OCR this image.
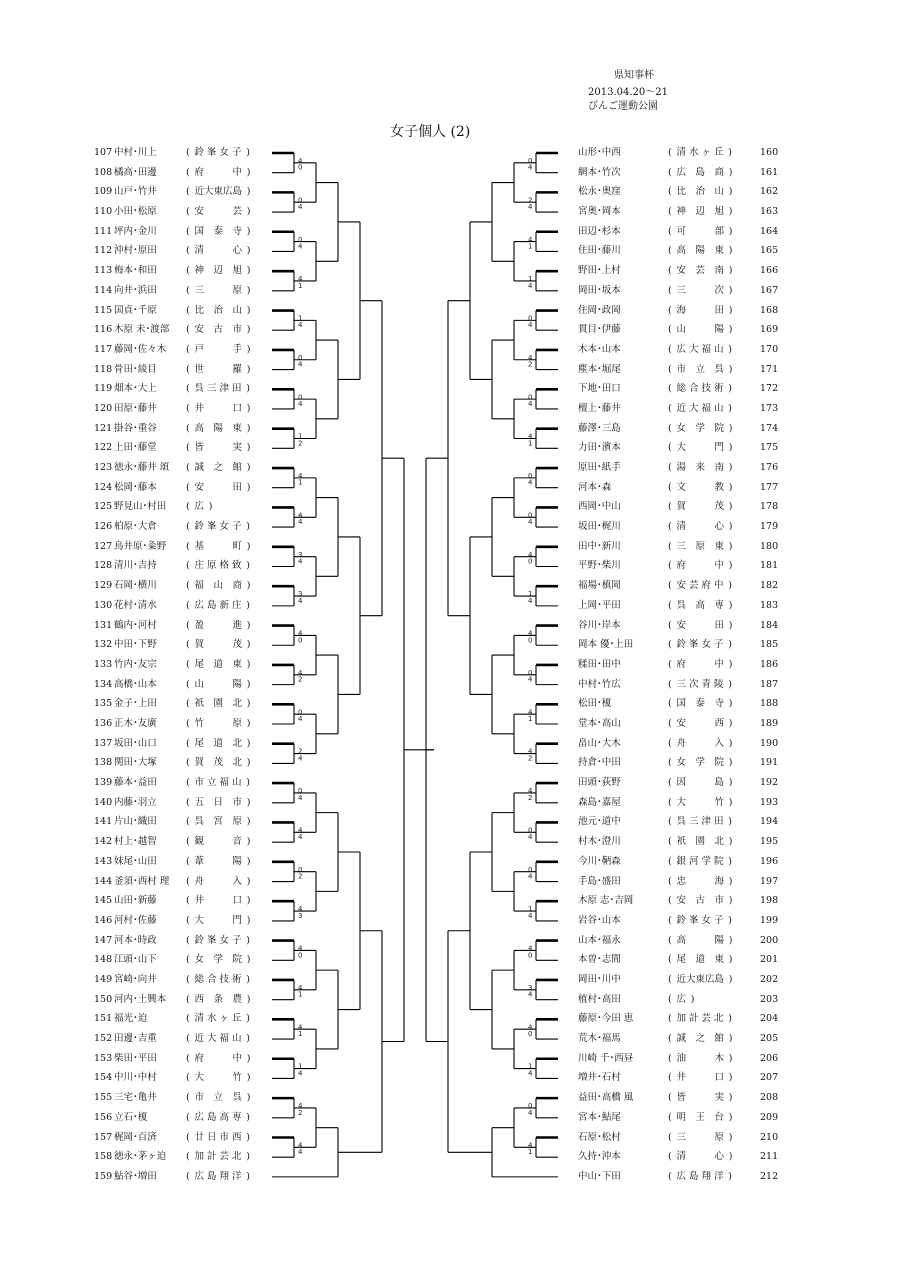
県知事杯
2013.04.20～21
びんご運動公園
女子個人 (2)
107 中村･川上	( 鈴 峯 女 子 )
108 橘高･田邊	( 府　　　中 )
109 山戸･竹井	( 近大東広島 )
110 小田･松原	( 安　　　芸 )
111 坪内･金川	( 国　泰　寺 )
112 沖村･原田	( 清　　　心 )
113 梅本･和田	( 神　辺　旭 )
114 向井･浜田	( 三　　　原 )
115 国貞･千原	( 比　治　山 )
116 木原 未･渡部 ( 安　古　市 )
117 藤岡･佐々木 ( 戸　　　手 )
118 骨田･綾目	( 世　　　羅 )
119 畑本･大上	( 呉 三 津 田 )
120 田原･藤井	( 井　　　口 )
121 掛谷･重谷	( 高　陽　東 )
122 上田･藤堂	( 皆　　　実 )
123 徳永･藤井 頌 ( 誠　之　館 )
124 松岡･藤本	( 安　　　田 )
125 野見山･村田 ( 広 )
126 柏原･大倉	( 鈴 峯 女 子 )
127 鳥井原･粂野 ( 基　　　町 )
128 清川･吉持	( 庄 原 格 致 )
129 石岡･横川	( 福　山　商 )
130 花村･清水	( 広 島 新 庄 )
131 鶴内･河村	( 盈　　　進 )
132 中田･下野	( 賀　　　茂 )
133 竹内･友宗	( 尾　道　東 )
134 高橋･山本	( 山　　　陽 )
135 金子･上田	( 祇　園　北 )
136 正木･友廣	( 竹　　　原 )
137 坂田･山口	( 尾　道　北 )
138 関田･大塚	( 賀　茂　北 )
139 藤本･益田	( 市 立 福 山 )
140 内藤･羽立	( 五　日　市 )
141 片山･織田	( 呉　宮　原 )
142 村上･越智	( 観　　　音 )
143 妹尾･山田	( 葦　　　陽 )
144 釜須･西村 理 ( 舟　　　入 )
145 山田･新藤	( 井　　　口 )
146 河村･佐藤	( 大　　　門 )
147 河本･時政	( 鈴 峯 女 子 )
148 江頭･山下	( 女　学　院 )
149 宮崎･向井	( 総 合 技 術 )
150 河内･土興本 ( 西　条　農 )
151 福光･迫	( 清 水 ヶ 丘 )
152 田邊･吉重	( 近 大 福 山 )
153 柴田･平田	( 府　　　中 )
154 中川･中村	( 大　　　竹 )
155 三宅･亀井	( 市　立　呉 )
156 立石･榎	( 広 島 高 専 )
157 梶岡･百済	( 廿 日 市 西 )
158 徳永･茅ヶ迫 ( 加 計 芸 北 )
159 鮎谷･増田	( 広 島 翔 洋 )
山形･中西	( 清 水 ヶ 丘 )	160
網本･竹次	( 広　島　商 )	161
松永･奥窪	( 比　治　山 )	162
宮奥･岡本	( 神　辺　旭 )	163
田辺･杉本	( 可　　　部 )	164
住田･藤川	( 高　陽　東 )	165
野田･上村	( 安　芸　南 )	166
岡田･坂本	( 三　　　次 )	167
住岡･政岡	( 海　　　田 )	168
貫目･伊藤	( 山　　　陽 )	169
木本･山本	( 広 大 福 山 )	170
塵本･堀尾	( 市　立　呉 )	171
下地･田口	( 総 合 技 術 )	172
檀上･藤井	( 近 大 福 山 )	173
藤澤･三島	( 女　学　院 )	174
力田･濱本	( 大　　　門 )	175
原田･紙手	( 湯　来　南 )	176
河本･森	( 文　　　教 )	177
西岡･中山	( 賀　　　茂 )	178
坂田･梶川	( 清　　　心 )	179
田中･新川	( 三　原　東 )	180
平野･柴川	( 府　　　中 )	181
福場･槙岡	( 安 芸 府 中 )	182
上岡･平田	( 呉　高　専 )	183
谷川･岸本	( 安　　　田 )	184
岡本 優･上田	( 鈴 峯 女 子 )	185
糅田･田中	( 府　　　中 )	186
中村･竹広	( 三 次 青 陵 )	187
松田･榎	( 国　泰　寺 )	188
堂本･高山	( 安　　　西 )	189
畠山･大木	( 舟　　　入 )	190
持倉･中田	( 女　学　院 )	191
田頭･荻野	( 因　　　島 )	192
森島･嘉屋	( 大　　　竹 )	193
池元･道中	( 呉 三 津 田 )	194
村木･澄川	( 祇　園　北 )	195
今川･鞆森	( 銀 河 学 院 )	196
手島･盛田	( 忠　　　海 )	197
木原 志･吉岡	( 安　古　市 )	198
岩谷･山本	( 鈴 峯 女 子 )	199
山本･福永	( 高　　　陽 )	200
本曽･志間	( 尾　道　東 )	201
岡田･川中	( 近大東広島 )	202
植村･高田	( 広 )	203
藤原･今田 恵	( 加 計 芸 北 )	204
荒木･福馬	( 誠　之　館 )	205
川崎 千･西昼	( 油　　　木 )	206
増井･石村	( 井　　　口 )	207
益田･高橋 風	( 皆　　　実 )	208
宮本･鮎尾	( 明　王　台 )	209
石原･松村	( 三　　　原 )	210
久持･沖本	( 清　　　心 )	211
中山･下田	( 広 島 翔 洋 )	212
4
0
0
4
0
4
4
1
1
4
0
4
0
4
1
2
4
1
4
4
3
4
3
4
4
0
4
2
0
4
2
4
0
4
4
4
0
2
4
3
4
0
4
1
4
1
1
4
4
2
4
4
0
4
2
4
4
1
1
4
0
4
4
2
0
4
4
1
0
4
0
4
4
0
1
4
4
0
0
4
4
1
4
2
4
2
0
4
0
4
1
4
4
0
3
4
4
0
1
4
0
4
4
1
